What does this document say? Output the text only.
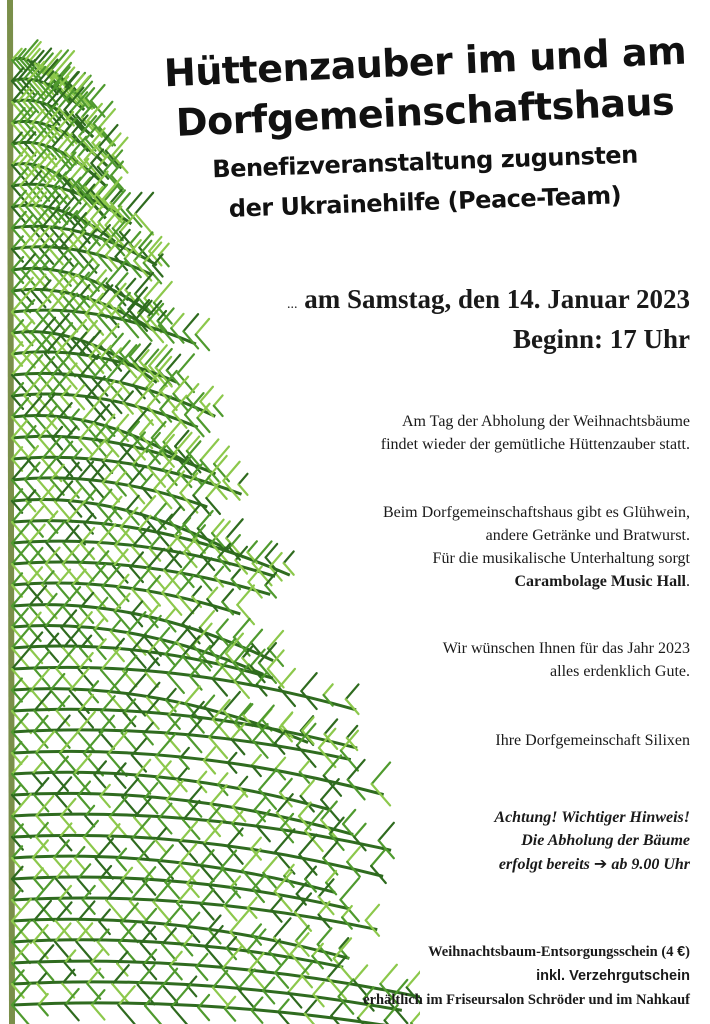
Hüttenzauber im und am
Dorfgemeinschaftshaus
Benefizveranstaltung zugunsten
der Ukrainehilfe (Peace-Team)
... am Samstag, den 14. Januar 2023
Beginn: 17 Uhr
Am Tag der Abholung der Weihnachtsbäume
findet wieder der gemütliche Hüttenzauber statt.
Beim Dorfgemeinschaftshaus gibt es Glühwein,
andere Getränke und Bratwurst.
Für die musikalische Unterhaltung sorgt
Carambolage Music Hall.
Wir wünschen Ihnen für das Jahr 2023
alles erdenklich Gute.
Ihre Dorfgemeinschaft Silixen
Achtung! Wichtiger Hinweis!
Die Abholung der Bäume
erfolgt bereits ➔ ab 9.00 Uhr
Weihnachtsbaum-Entsorgungsschein (4 €)
inkl. Verzehrgutschein
erhältlich im Friseursalon Schröder und im Nahkauf
